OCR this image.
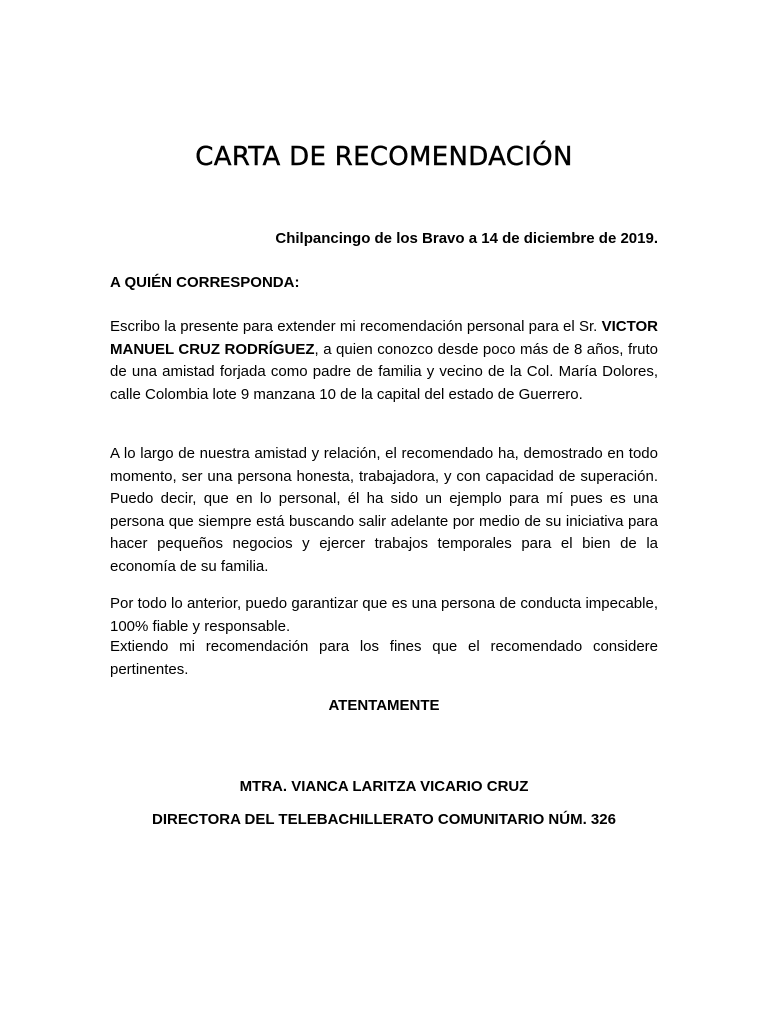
CARTA DE RECOMENDACIÓN

Chilpancingo de los Bravo a 14 de diciembre de 2019.

A QUIÉN CORRESPONDA:

Escribo la presente para extender mi recomendación personal para el Sr. VICTOR MANUEL CRUZ RODRÍGUEZ, a quien conozco desde poco más de 8 años, fruto de una amistad forjada como padre de familia y vecino de la Col. María Dolores, calle Colombia lote 9 manzana 10 de la capital del estado de Guerrero.

A lo largo de nuestra amistad y relación, el recomendado ha, demostrado en todo momento, ser una persona honesta, trabajadora, y con capacidad de superación. Puedo decir, que en lo personal, él ha sido un ejemplo para mí pues es una persona que siempre está buscando salir adelante por medio de su iniciativa para hacer pequeños negocios y ejercer trabajos temporales para el bien de la economía de su familia.

Por todo lo anterior, puedo garantizar que es una persona de conducta impecable, 100% fiable y responsable.

Extiendo mi recomendación para los fines que el recomendado considere pertinentes.

ATENTAMENTE

MTRA. VIANCA LARITZA VICARIO CRUZ

DIRECTORA DEL TELEBACHILLERATO COMUNITARIO NÚM. 326
